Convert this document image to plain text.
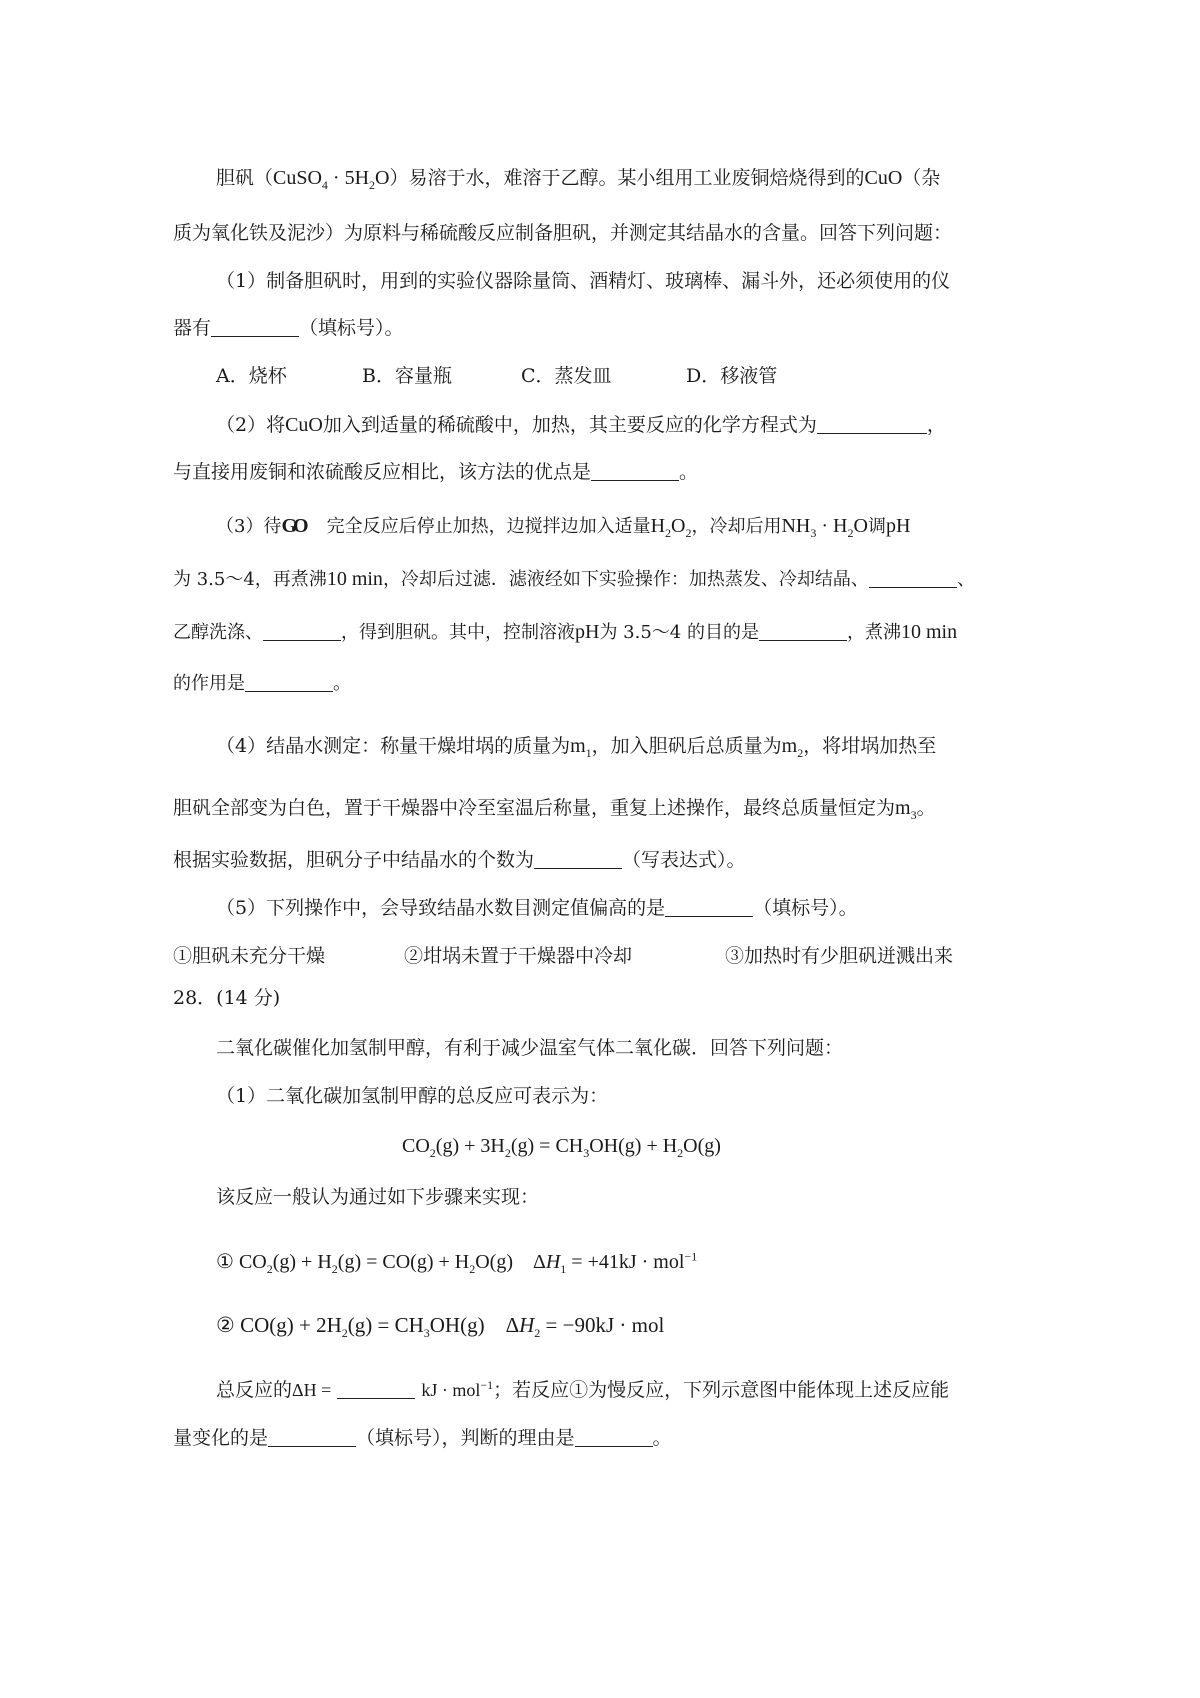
胆矾（CuSO$_4$ · $5H_2O$）易溶于水，难溶于乙醇。某小组用工业废铜焙烧得到的CuO（杂
质为氧化铁及泥沙）为原料与稀硫酸反应制备胆矾，并测定其结晶水的含量。回答下列问题：
（1）制备胆矾时，用到的实验仪器除量筒、酒精灯、玻璃棒、漏斗外，还必须使用的仪
器有	（填标号）。
A．烧杯	B．容量瓶	C．蒸发皿	D．移液管
（2）将CuO加入到适量的稀硫酸中，加热，其主要反应的化学方程式为	，
与直接用废铜和浓硫酸反应相比，该方法的优点是	。
（3）待GO 完全反应后停止加热，边搅拌边加入适量$H_2O_2$，冷却后用$NH_3 \cdot H_2O$调pH
为 3.5～4，再煮沸10 min，冷却后过滤．滤液经如下实验操作：加热蒸发、冷却结晶、	、
乙醇洗涤、	，得到胆矾。其中，控制溶液pH为 3.5～4 的目的是	，煮沸10 min
的作用是	。
（4）结晶水测定：称量干燥坩埚的质量为$m_1$，加入胆矾后总质量为$m_2$，将坩埚加热至
胆矾全部变为白色，置于干燥器中冷至室温后称量，重复上述操作，最终总质量恒定为$m_3$。
根据实验数据，胆矾分子中结晶水的个数为	（写表达式）。
（5）下列操作中，会导致结晶水数目测定值偏高的是	（填标号）。
①胆矾未充分干燥	②坩埚未置于干燥器中冷却	③加热时有少胆矾迸溅出来
28．(14 分)
二氧化碳催化加氢制甲醇，有利于减少温室气体二氧化碳．回答下列问题：
（1）二氧化碳加氢制甲醇的总反应可表示为：
$CO_2(g) + 3H_2(g) = CH_3OH(g) + H_2O(g)$
该反应一般认为通过如下步骤来实现：
① $CO_2(g) + H_2(g) = CO(g) + H_2O(g)$    $\Delta H_1 = +41kJ \cdot mol^{-1}$
② $CO(g) + 2H_2(g) = CH_3OH(g)$    $\Delta H_2 = -90kJ$ · mol
总反应的ΔH =	kJ · mol$^{-1}$；若反应①为慢反应，下列示意图中能体现上述反应能
量变化的是	（填标号），判断的理由是	。
